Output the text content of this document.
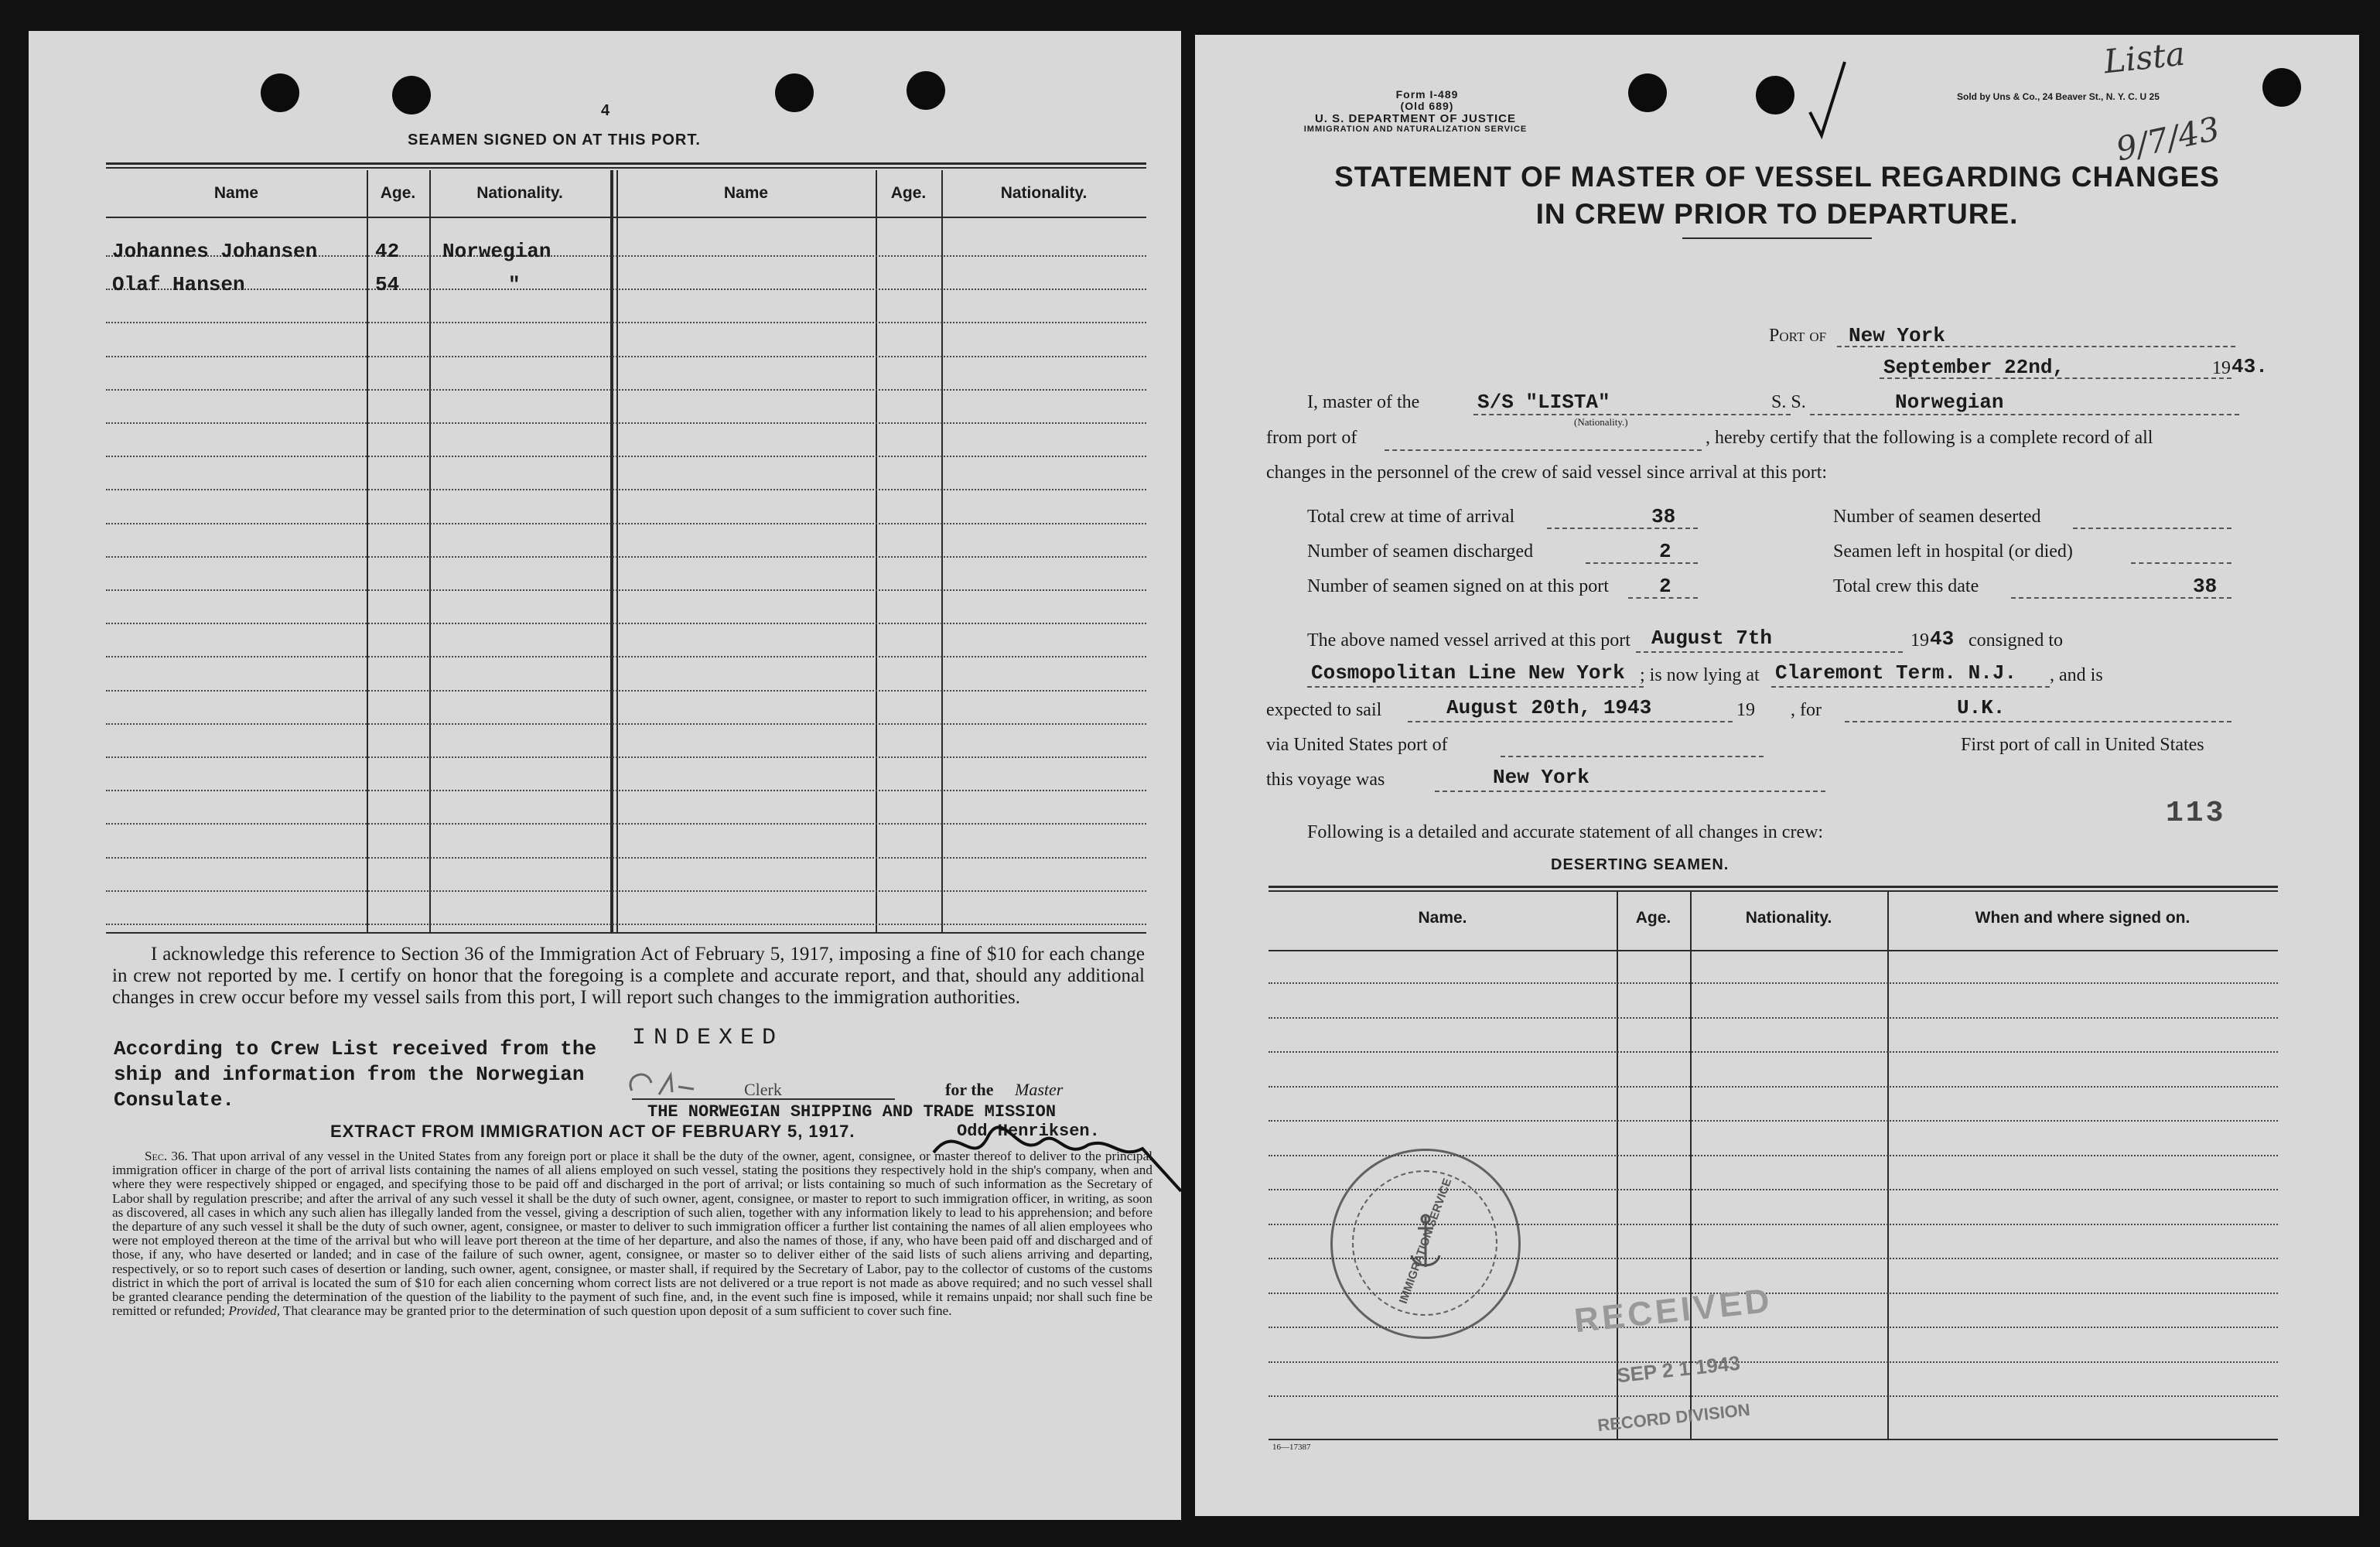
4
SEAMEN SIGNED ON AT THIS PORT.
Name	Age.	Nationality.	Name	Age.	Nationality.
Johannes Johansen	42 Norwegian
Olaf Hansen	54	"
I acknowledge this reference to Section 36 of the Immigration Act of February 5, 1917, imposing a fine of $10 for each change in crew not reported by me. I certify on honor that the foregoing is a complete and accurate report, and that, should any additional changes in crew occur before my vessel sails from this port, I will report such changes to the immigration authorities.
According to Crew List received from the ship and information from the Norwegian Consulate.
INDEXED
Clerk	for the Master
THE NORWEGIAN SHIPPING AND TRADE MISSION
Odd Henriksen.
EXTRACT FROM IMMIGRATION ACT OF FEBRUARY 5, 1917.
Sec. 36. That upon arrival of any vessel in the United States from any foreign port or place it shall be the duty of the owner, agent, consignee, or master thereof to deliver to the principal immigration officer in charge of the port of arrival lists containing the names of all aliens employed on such vessel, stating the positions they respectively hold in the ship's company, when and where they were respectively shipped or engaged, and specifying those to be paid off and discharged in the port of arrival; or lists containing so much of such information as the Secretary of Labor shall by regulation prescribe; and after the arrival of any such vessel it shall be the duty of such owner, agent, consignee, or master to report to such immigration officer, in writing, as soon as discovered, all cases in which any such alien has illegally landed from the vessel, giving a description of such alien, together with any information likely to lead to his apprehension; and before the departure of any such vessel it shall be the duty of such owner, agent, consignee, or master to deliver to such immigration officer a further list containing the names of all alien employees who were not employed thereon at the time of the arrival but who will leave port thereon at the time of her departure, and also the names of those, if any, who have been paid off and discharged and of those, if any, who have deserted or landed; and in case of the failure of such owner, agent, consignee, or master so to deliver either of the said lists of such aliens arriving and departing, respectively, or so to report such cases of desertion or landing, such owner, agent, consignee, or master shall, if required by the Secretary of Labor, pay to the collector of customs of the customs district in which the port of arrival is located the sum of $10 for each alien concerning whom correct lists are not delivered or a true report is not made as above required; and no such vessel shall be granted clearance pending the determination of the question of the liability to the payment of such fine, and, in the event such fine is imposed, while it remains unpaid; nor shall such fine be remitted or refunded; Provided, That clearance may be granted prior to the determination of such question upon deposit of a sum sufficient to cover such fine.
Form I-489
(Old 689)
U. S. DEPARTMENT OF JUSTICE
IMMIGRATION AND NATURALIZATION SERVICE
Sold by Uns & Co., 24 Beaver St., N. Y. C. U 25
Lista
9/7/43
STATEMENT OF MASTER OF VESSEL REGARDING CHANGES
IN CREW PRIOR TO DEPARTURE.
Port of New York
September 22nd,	19 43.
I, master of the	S/S "LISTA"
(Nationality.)
S. S.	Norwegian
from port of	, hereby certify that the following is a complete record of all
changes in the personnel of the crew of said vessel since arrival at this port:
Total crew at time of arrival	38	Number of seamen deserted
Number of seamen discharged	2	Seamen left in hospital (or died)
Number of seamen signed on at this port	2	Total crew this date	38
The above named vessel arrived at this port August 7th	19 43 consigned to
Cosmopolitan Line New York ; is now lying at Claremont Term. N.J. , and is
expected to sail	August 20th, 1943	19 , for	U.K.
via United States port of	First port of call in United States
this voyage was	New York
113
Following is a detailed and accurate statement of all changes in crew:
DESERTING SEAMEN.
Name.	Age.	Nationality.	When and where signed on.
IMMIGRATION SERVICE
RECEIVED
SEP 2 1 1943
RECORD DIVISION
16—17387
